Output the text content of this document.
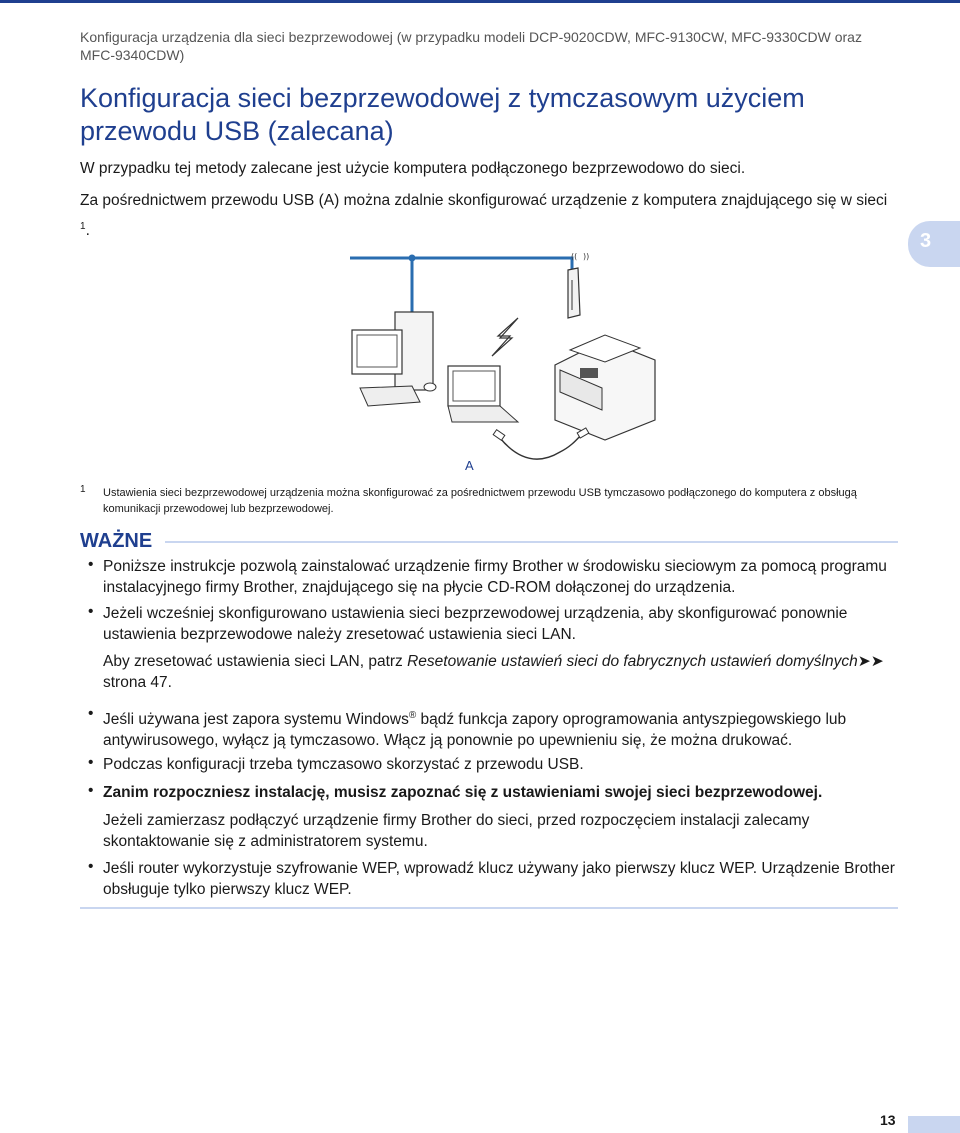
Konfiguracja urządzenia dla sieci bezprzewodowej (w przypadku modeli DCP-9020CDW, MFC-9130CW, MFC-9330CDW oraz MFC-9340CDW)
Konfiguracja sieci bezprzewodowej z tymczasowym użyciem przewodu USB (zalecana)

W przypadku tej metody zalecane jest użycie komputera podłączonego bezprzewodowo do sieci.

Za pośrednictwem przewodu USB (A) można zdalnie skonfigurować urządzenie z komputera znajdującego się w sieci $^1$.	3
(( ))
A
1 Ustawienia sieci bezprzewodowej urządzenia można skonfigurować za pośrednictwem przewodu USB tymczasowo podłączonego do komputera z obsługą komunikacji przewodowej lub bezprzewodowej.

WAŻNE
• Poniższe instrukcje pozwolą zainstalować urządzenie firmy Brother w środowisku sieciowym za pomocą programu instalacyjnego firmy Brother, znajdującego się na płycie CD-ROM dołączonej do urządzenia.

• Jeżeli wcześniej skonfigurowano ustawienia sieci bezprzewodowej urządzenia, aby skonfigurować ponownie ustawienia bezprzewodowe należy zresetować ustawienia sieci LAN.

Aby zresetować ustawienia sieci LAN, patrz Resetowanie ustawień sieci do fabrycznych ustawień domyślnych➤➤ strona 47.

• Jeśli używana jest zapora systemu Windows® bądź funkcja zapory oprogramowania antyszpiegowskiego lub antywirusowego, wyłącz ją tymczasowo. Włącz ją ponownie po upewnieniu się, że można drukować.

• Podczas konfiguracji trzeba tymczasowo skorzystać z przewodu USB.

• Zanim rozpoczniesz instalację, musisz zapoznać się z ustawieniami swojej sieci bezprzewodowej.

Jeżeli zamierzasz podłączyć urządzenie firmy Brother do sieci, przed rozpoczęciem instalacji zalecamy skontaktowanie się z administratorem systemu.

• Jeśli router wykorzystuje szyfrowanie WEP, wprowadź klucz używany jako pierwszy klucz WEP. Urządzenie Brother obsługuje tylko pierwszy klucz WEP.

13
